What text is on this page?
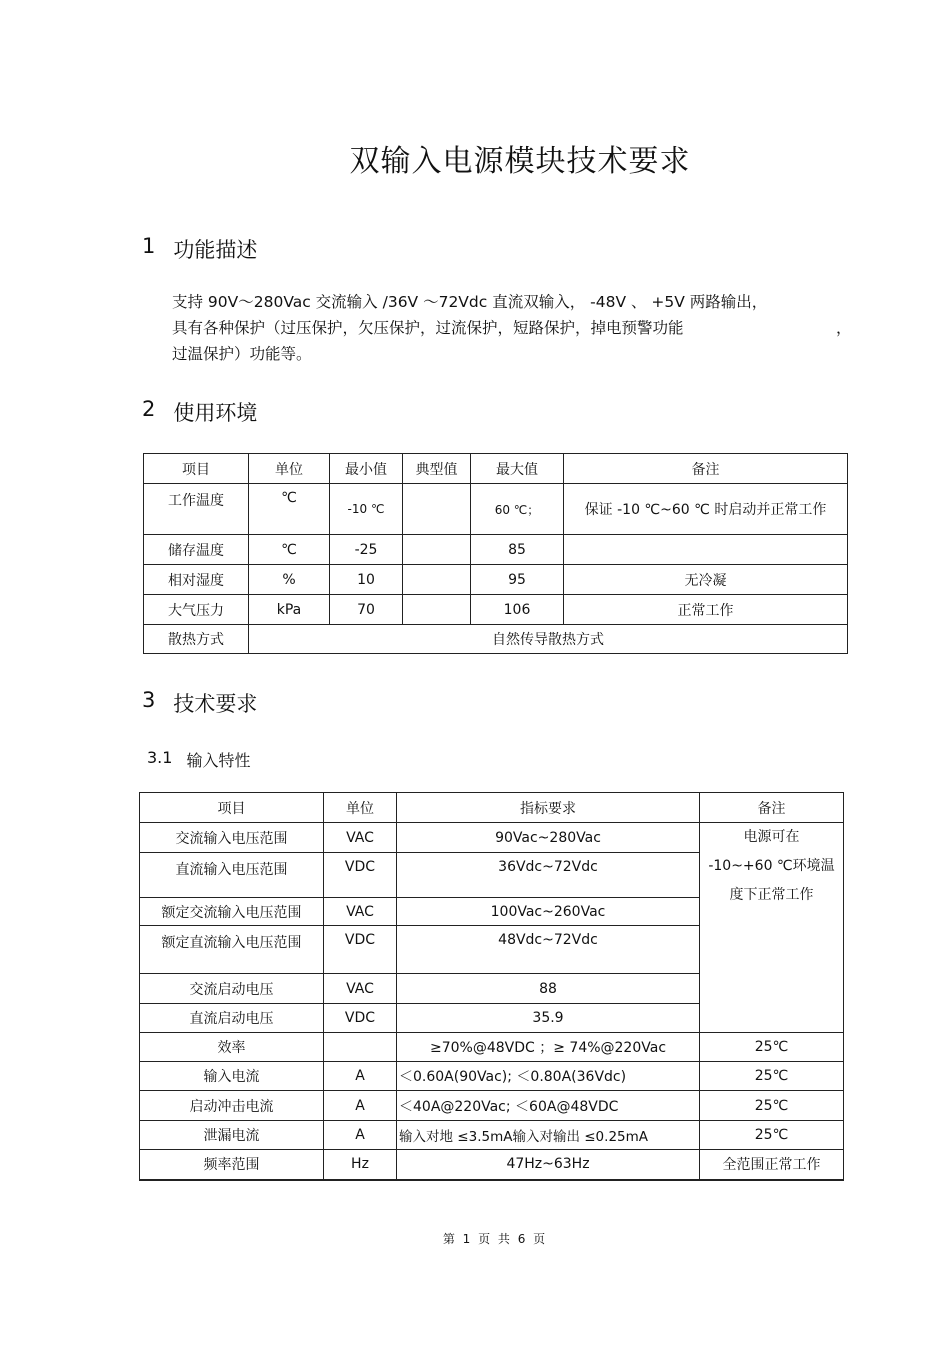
双输入电源模块技术要求
1 功能描述
支持 90V～280Vac 交流输入 /36V ～72Vdc 直流双输入， -48V 、 +5V 两路输出，
具有各种保护（过压保护，欠压保护，过流保护，短路保护，掉电预警功能	，
过温保护）功能等。
2 使用环境
项目	单位	最小值	典型值	最大值	备注
工作温度	℃	-10 ℃		60 ℃；	保证 -10 ℃~60 ℃ 时启动并正常工作
储存温度	℃	-25		85	
相对湿度	%	10		95	无冷凝
大气压力	kPa	70		106	正常工作
散热方式	自然传导散热方式				
3 技术要求
3.1 输入特性
项目	单位	指标要求	备注
交流输入电压范围	VAC	90Vac~280Vac	电源可在
-10~+60 ℃环境温
度下正常工作

直流输入电压范围	VDC	36Vdc~72Vdc	
额定交流输入电压范围	VAC	100Vac~260Vac	
额定直流输入电压范围	VDC	48Vdc~72Vdc	
交流启动电压	VAC	88	
直流启动电压	VDC	35.9	
效率		≥70%@48VDC ；≥ 74%@220Vac	25℃
输入电流	A	＜0.60A(90Vac); ＜0.80A(36Vdc)	25℃
启动冲击电流	A	＜40A@220Vac; ＜60A@48VDC	25℃
泄漏电流	A	输入对地 ≤3.5mA输入对输出 ≤0.25mA	25℃
频率范围	Hz	47Hz~63Hz	全范围正常工作
第 1 页 共 6 页
